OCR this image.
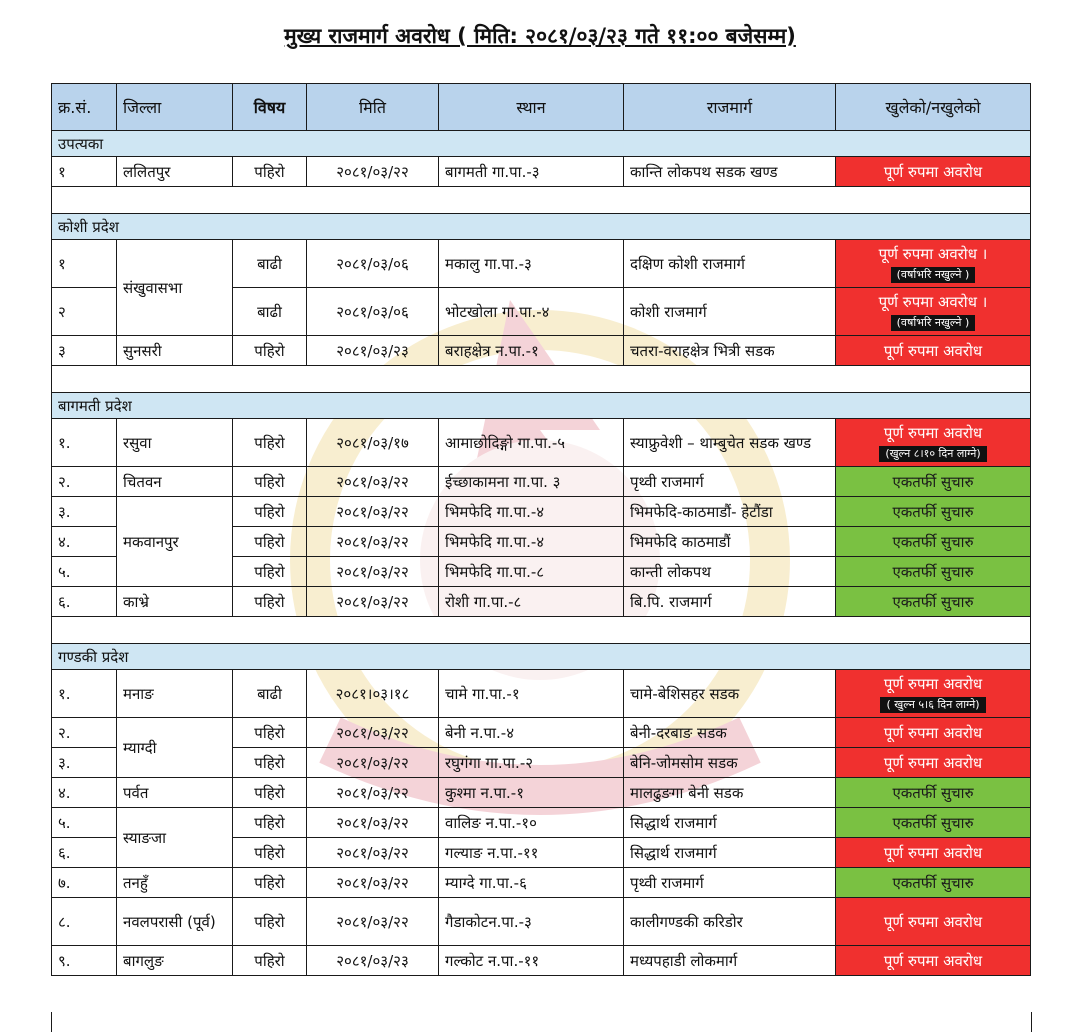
मुख्य राजमार्ग अवरोध ( मिति: २०८१/०३/२३ गते ११:०० बजेसम्म)
क्र.सं.	जिल्ला	विषय	मिति	स्थान	राजमार्ग	खुलेको/नखुलेको
उपत्यका						
१	ललितपुर	पहिरो	२०८१/०३/२२	बागमती गा.पा.-३	कान्ति लोकपथ सडक खण्ड	पूर्ण रुपमा अवरोध

कोशी प्रदेश						
१	संखुवासभा	बाढी	२०८१/०३/०६	मकालु गा.पा.-३	दक्षिण कोशी राजमार्ग	पूर्ण रुपमा अवरोध ।
(वर्षाभरि नखुल्ने )
२		बाढी	२०८१/०३/०६	भोटखोला गा.पा.-४	कोशी राजमार्ग	पूर्ण रुपमा अवरोध ।
(वर्षाभरि नखुल्ने )
३	सुनसरी	पहिरो	२०८१/०३/२३	बराहक्षेत्र न.पा.-१	चतरा-वराहक्षेत्र भित्री सडक	पूर्ण रुपमा अवरोध

बागमती प्रदेश						
१.	रसुवा	पहिरो	२०८१/०३/१७	आमाछोदिङ्गो गा.पा.-५	स्याफ्रुवेशी – थाम्बुचेत सडक खण्ड	पूर्ण रुपमा अवरोध
(खुल्न ८।१० दिन लाग्ने)
२.	चितवन	पहिरो	२०८१/०३/२२	ईच्छाकामना गा.पा. ३	पृथ्वी राजमार्ग	एकतर्फी सुचारु

३.	मकवानपुर	पहिरो	२०८१/०३/२२	भिमफेदि गा.पा.-४	भिमफेदि-काठमाडौं- हेटौंडा	एकतर्फी सुचारु

४.		पहिरो	२०८१/०३/२२	भिमफेदि गा.पा.-४	भिमफेदि काठमाडौं	एकतर्फी सुचारु

५.		पहिरो	२०८१/०३/२२	भिमफेदि गा.पा.-८	कान्ती लोकपथ	एकतर्फी सुचारु

६.	काभ्रे	पहिरो	२०८१/०३/२२	रोशी गा.पा.-८	बि.पि. राजमार्ग	एकतर्फी सुचारु

गण्डकी प्रदेश						
१.	मनाङ	बाढी	२०८१।०३।१८	चामे गा.पा.-१	चामे-बेशिसहर सडक	पूर्ण रुपमा अवरोध
( खुल्न ५।६ दिन लाग्ने)
२.	म्याग्दी	पहिरो	२०८१/०३/२२	बेनी न.पा.-४	बेनी-दरबाङ सडक	पूर्ण रुपमा अवरोध

३.		पहिरो	२०८१/०३/२२	रघुगंगा गा.पा.-२	बेनि-जोमसोम सडक	पूर्ण रुपमा अवरोध

४.	पर्वत	पहिरो	२०८१/०३/२२	कुश्मा न.पा.-१	मालढुङगा बेनी सडक	एकतर्फी सुचारु

५.	स्याङजा	पहिरो	२०८१/०३/२२	वालिङ न.पा.-१०	सिद्धार्थ राजमार्ग	एकतर्फी सुचारु

६.		पहिरो	२०८१/०३/२२	गल्याङ न.पा.-११	सिद्धार्थ राजमार्ग	पूर्ण रुपमा अवरोध

७.	तनहुँ	पहिरो	२०८१/०३/२२	म्याग्दे गा.पा.-६	पृथ्वी राजमार्ग	एकतर्फी सुचारु

८.	नवलपरासी (पूर्व)	पहिरो	२०८१/०३/२२	गैडाकोटन.पा.-३	कालीगण्डकी करिडोर	पूर्ण रुपमा अवरोध

९.	बागलुङ	पहिरो	२०८१/०३/२३	गल्कोट न.पा.-११	मध्यपहाडी लोकमार्ग	पूर्ण रुपमा अवरोध
